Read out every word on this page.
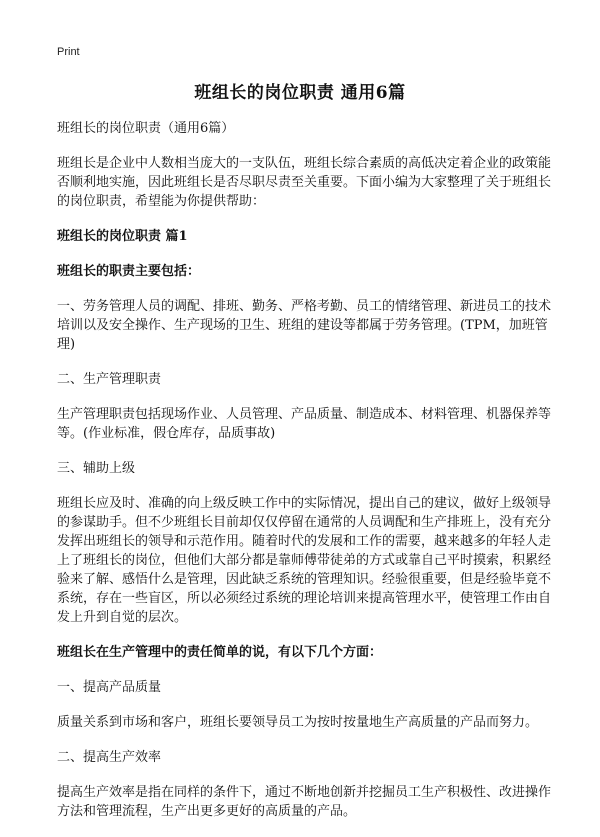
Print
班组长的岗位职责 通用6篇

班组长的岗位职责（通用6篇）

班组长是企业中人数相当庞大的一支队伍，班组长综合素质的高低决定着企业的政策能否顺利地实施，因此班组长是否尽职尽责至关重要。下面小编为大家整理了关于班组长的岗位职责，希望能为你提供帮助：

班组长的岗位职责 篇1

班组长的职责主要包括：

一、劳务管理人员的调配、排班、勤务、严格考勤、员工的情绪管理、新进员工的技术培训以及安全操作、生产现场的卫生、班组的建设等都属于劳务管理。(TPM，加班管理)

二、生产管理职责

生产管理职责包括现场作业、人员管理、产品质量、制造成本、材料管理、机器保养等等。(作业标准，假仓库存，品质事故)

三、辅助上级

班组长应及时、准确的向上级反映工作中的实际情况，提出自己的建议，做好上级领导的参谋助手。但不少班组长目前却仅仅停留在通常的人员调配和生产排班上，没有充分发挥出班组长的领导和示范作用。随着时代的发展和工作的需要，越来越多的年轻人走上了班组长的岗位，但他们大部分都是靠师傅带徒弟的方式或靠自己平时摸索，积累经验来了解、感悟什么是管理，因此缺乏系统的管理知识。经验很重要，但是经验毕竟不系统，存在一些盲区，所以必须经过系统的理论培训来提高管理水平，使管理工作由自发上升到自觉的层次。

班组长在生产管理中的责任简单的说，有以下几个方面：

一、提高产品质量

质量关系到市场和客户，班组长要领导员工为按时按量地生产高质量的产品而努力。

二、提高生产效率

提高生产效率是指在同样的条件下，通过不断地创新并挖掘员工生产积极性、改进操作方法和管理流程，生产出更多更好的高质量的产品。
